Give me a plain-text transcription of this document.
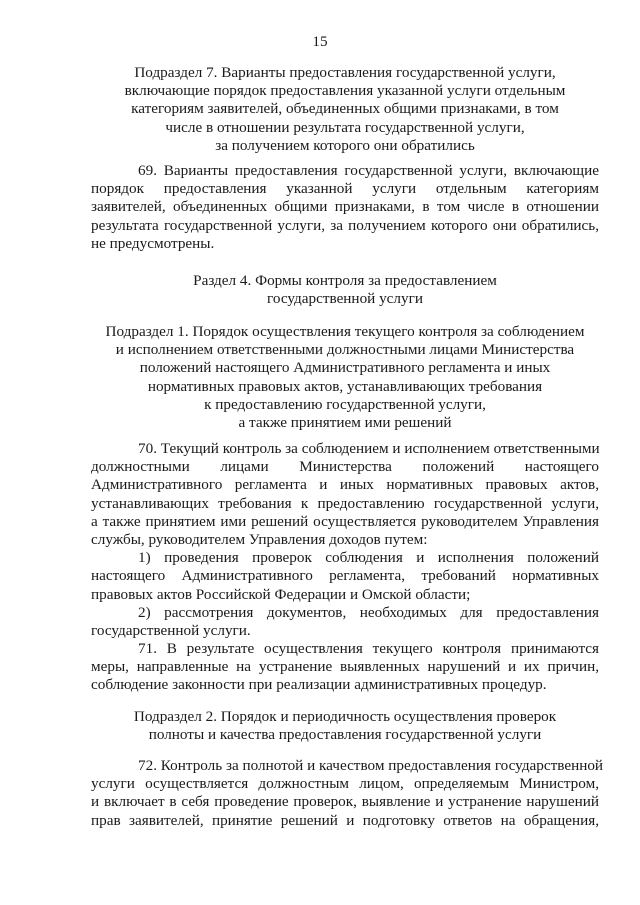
15
Подраздел 7. Варианты предоставления государственной услуги,
включающие порядок предоставления указанной услуги отдельным
категориям заявителей, объединенных общими признаками, в том
числе в отношении результата государственной услуги,
за получением которого они обратились
69. Варианты предоставления государственной услуги, включающие
порядок предоставления указанной услуги отдельным категориям
заявителей, объединенных общими признаками, в том числе в отношении
результата государственной услуги, за получением которого они обратились,
не предусмотрены.
Раздел 4. Формы контроля за предоставлением
государственной услуги
Подраздел 1. Порядок осуществления текущего контроля за соблюдением
и исполнением ответственными должностными лицами Министерства
положений настоящего Административного регламента и иных
нормативных правовых актов, устанавливающих требования
к предоставлению государственной услуги,
а также принятием ими решений
70. Текущий контроль за соблюдением и исполнением ответственными
должностными лицами Министерства положений настоящего
Административного регламента и иных нормативных правовых актов,
устанавливающих требования к предоставлению государственной услуги,
а также принятием ими решений осуществляется руководителем Управления
службы, руководителем Управления доходов путем:
1) проведения проверок соблюдения и исполнения положений
настоящего Административного регламента, требований нормативных
правовых актов Российской Федерации и Омской области;
2) рассмотрения документов, необходимых для предоставления
государственной услуги.
71. В результате осуществления текущего контроля принимаются
меры, направленные на устранение выявленных нарушений и их причин,
соблюдение законности при реализации административных процедур.
Подраздел 2. Порядок и периодичность осуществления проверок
полноты и качества предоставления государственной услуги
72. Контроль за полнотой и качеством предоставления государственной
услуги осуществляется должностным лицом, определяемым Министром,
и включает в себя проведение проверок, выявление и устранение нарушений
прав заявителей, принятие решений и подготовку ответов на обращения,
